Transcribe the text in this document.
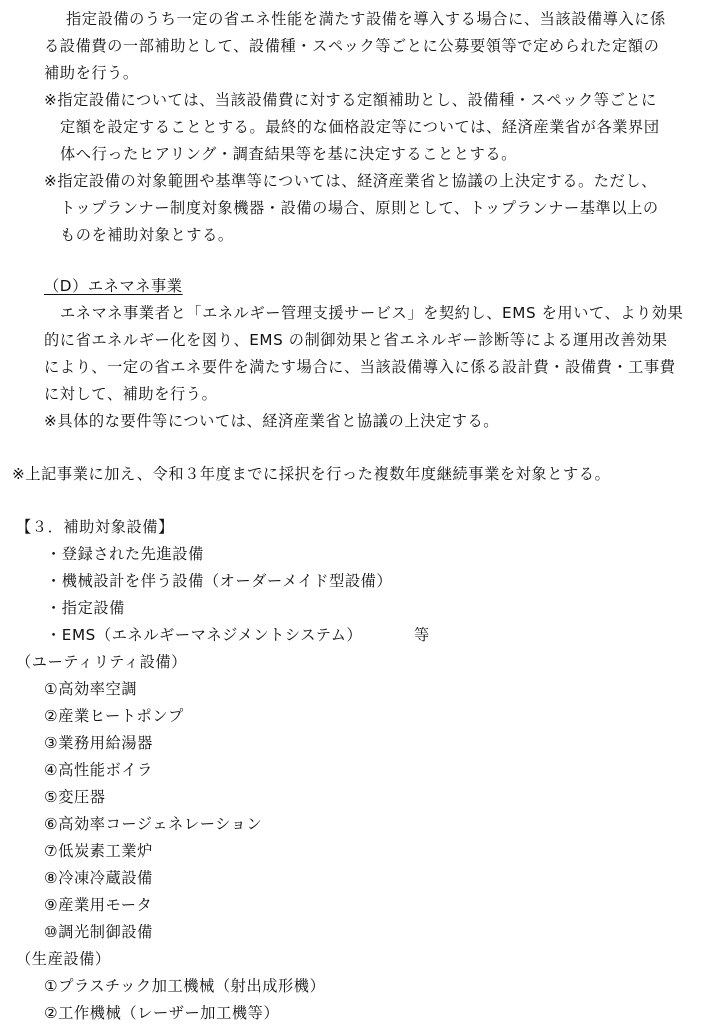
指定設備のうち一定の省エネ性能を満たす設備を導入する場合に、当該設備導入に係
る設備費の一部補助として、設備種・スペック等ごとに公募要領等で定められた定額の
補助を行う。
※指定設備については、当該設備費に対する定額補助とし、設備種・スペック等ごとに
定額を設定することとする。最終的な価格設定等については、経済産業省が各業界団
体へ行ったヒアリング・調査結果等を基に決定することとする。
※指定設備の対象範囲や基準等については、経済産業省と協議の上決定する。ただし、
トップランナー制度対象機器・設備の場合、原則として、トップランナー基準以上の
ものを補助対象とする。
（D）エネマネ事業
エネマネ事業者と「エネルギー管理支援サービス」を契約し、EMS を用いて、より効果
的に省エネルギー化を図り、EMS の制御効果と省エネルギー診断等による運用改善効果
により、一定の省エネ要件を満たす場合に、当該設備導入に係る設計費・設備費・工事費
に対して、補助を行う。
※具体的な要件等については、経済産業省と協議の上決定する。
※上記事業に加え、令和３年度までに採択を行った複数年度継続事業を対象とする。
【３．補助対象設備】
・登録された先進設備
・機械設計を伴う設備（オーダーメイド型設備）
・指定設備
・EMS（エネルギーマネジメントシステム）	等
（ユーティリティ設備）
①高効率空調
②産業ヒートポンプ
③業務用給湯器
④高性能ボイラ
⑤変圧器
⑥高効率コージェネレーション
⑦低炭素工業炉
⑧冷凍冷蔵設備
⑨産業用モータ
⑩調光制御設備
（生産設備）
①プラスチック加工機械（射出成形機）
②工作機械（レーザー加工機等）
